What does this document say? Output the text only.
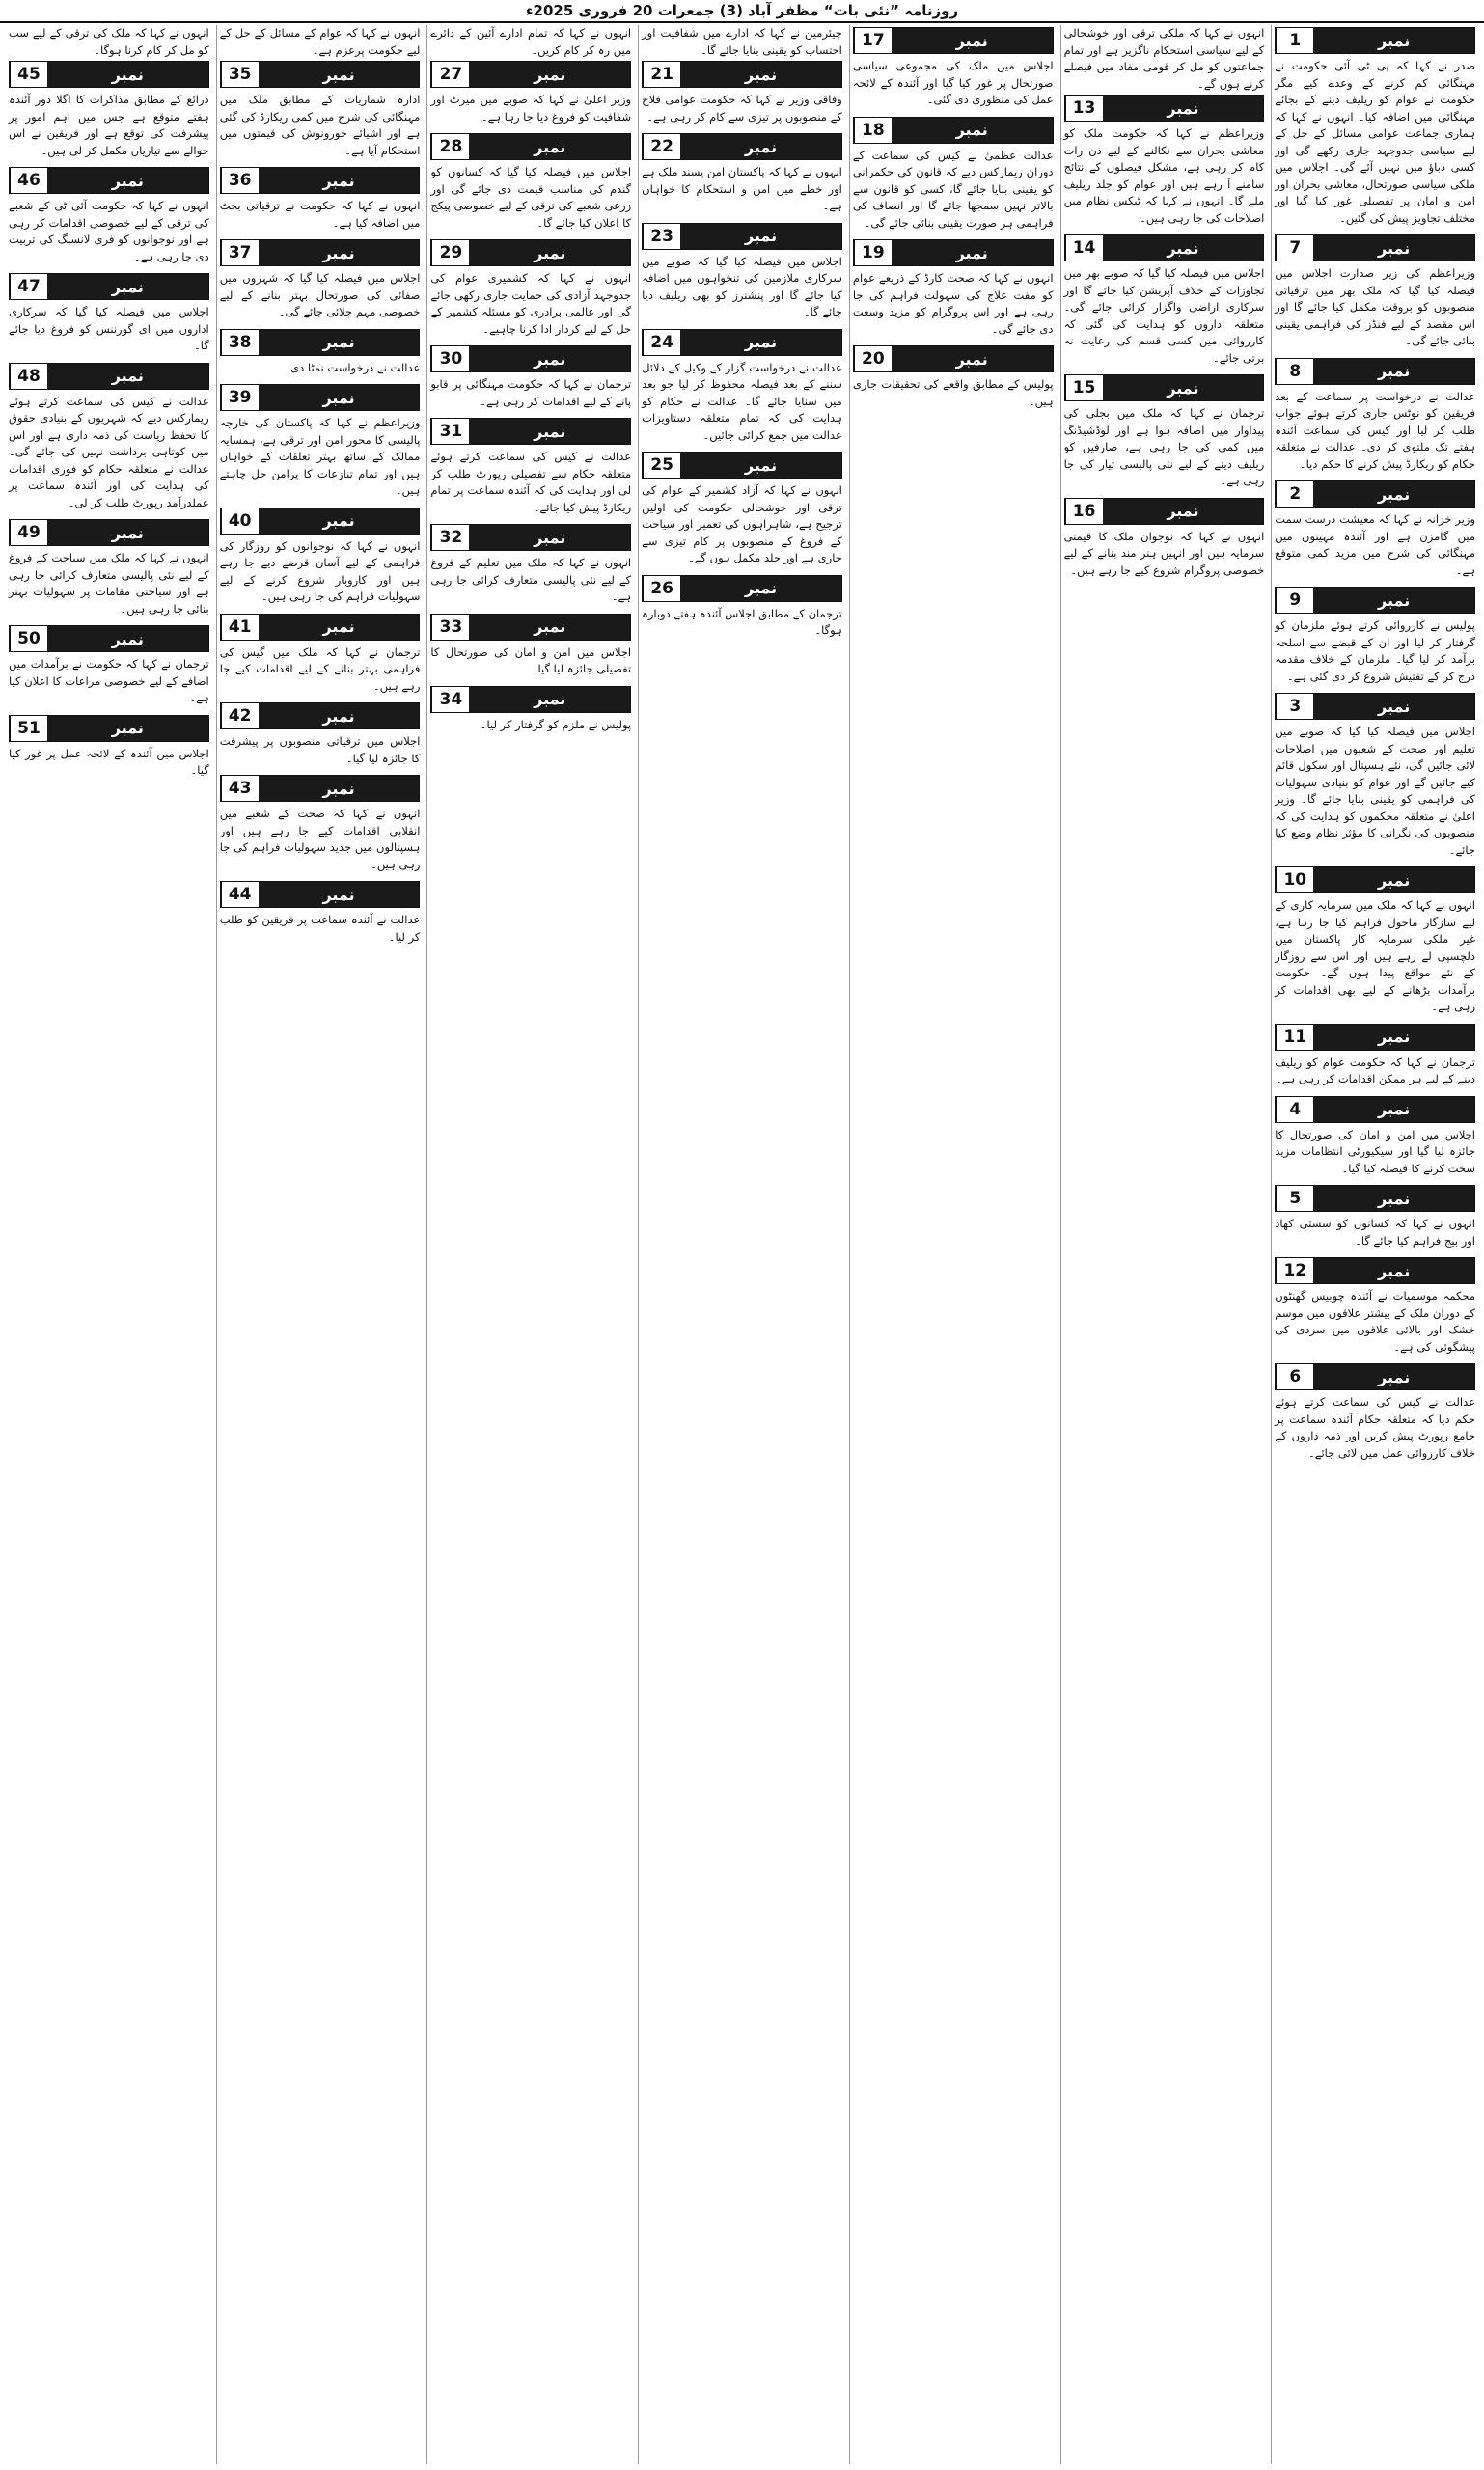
روزنامہ ”نئی بات“ مظفر آباد (3) جمعرات 20 فروری 2025ء
1	نمبر
صدر نے کہا کہ پی ٹی آئی حکومت نے مہنگائی کم کرنے کے وعدے کیے مگر حکومت نے عوام کو ریلیف دینے کے بجائے مہنگائی میں اضافہ کیا۔ انہوں نے کہا کہ ہماری جماعت عوامی مسائل کے حل کے لیے سیاسی جدوجہد جاری رکھے گی اور کسی دباؤ میں نہیں آئے گی۔ اجلاس میں ملکی سیاسی صورتحال، معاشی بحران اور امن و امان پر تفصیلی غور کیا گیا اور مختلف تجاویز پیش کی گئیں۔
7	نمبر
وزیراعظم کی زیر صدارت اجلاس میں فیصلہ کیا گیا کہ ملک بھر میں ترقیاتی منصوبوں کو بروقت مکمل کیا جائے گا اور اس مقصد کے لیے فنڈز کی فراہمی یقینی بنائی جائے گی۔
8	نمبر
عدالت نے درخواست پر سماعت کے بعد فریقین کو نوٹس جاری کرتے ہوئے جواب طلب کر لیا اور کیس کی سماعت آئندہ ہفتے تک ملتوی کر دی۔ عدالت نے متعلقہ حکام کو ریکارڈ پیش کرنے کا حکم دیا۔
2	نمبر
وزیر خزانہ نے کہا کہ معیشت درست سمت میں گامزن ہے اور آئندہ مہینوں میں مہنگائی کی شرح میں مزید کمی متوقع ہے۔
9	نمبر
پولیس نے کارروائی کرتے ہوئے ملزمان کو گرفتار کر لیا اور ان کے قبضے سے اسلحہ برآمد کر لیا گیا۔ ملزمان کے خلاف مقدمہ درج کر کے تفتیش شروع کر دی گئی ہے۔
3	نمبر
اجلاس میں فیصلہ کیا گیا کہ صوبے میں تعلیم اور صحت کے شعبوں میں اصلاحات لائی جائیں گی، نئے ہسپتال اور سکول قائم کیے جائیں گے اور عوام کو بنیادی سہولیات کی فراہمی کو یقینی بنایا جائے گا۔ وزیر اعلیٰ نے متعلقہ محکموں کو ہدایت کی کہ منصوبوں کی نگرانی کا مؤثر نظام وضع کیا جائے۔
10	نمبر
انہوں نے کہا کہ ملک میں سرمایہ کاری کے لیے سازگار ماحول فراہم کیا جا رہا ہے، غیر ملکی سرمایہ کار پاکستان میں دلچسپی لے رہے ہیں اور اس سے روزگار کے نئے مواقع پیدا ہوں گے۔ حکومت برآمدات بڑھانے کے لیے بھی اقدامات کر رہی ہے۔
11	نمبر
ترجمان نے کہا کہ حکومت عوام کو ریلیف دینے کے لیے ہر ممکن اقدامات کر رہی ہے۔
4	نمبر
اجلاس میں امن و امان کی صورتحال کا جائزہ لیا گیا اور سیکیورٹی انتظامات مزید سخت کرنے کا فیصلہ کیا گیا۔
5	نمبر
انہوں نے کہا کہ کسانوں کو سستی کھاد اور بیج فراہم کیا جائے گا۔
12	نمبر
محکمہ موسمیات نے آئندہ چوبیس گھنٹوں کے دوران ملک کے بیشتر علاقوں میں موسم خشک اور بالائی علاقوں میں سردی کی پیشگوئی کی ہے۔
6	نمبر
عدالت نے کیس کی سماعت کرتے ہوئے حکم دیا کہ متعلقہ حکام آئندہ سماعت پر جامع رپورٹ پیش کریں اور ذمہ داروں کے خلاف کارروائی عمل میں لائی جائے۔
انہوں نے کہا کہ ملکی ترقی اور خوشحالی کے لیے سیاسی استحکام ناگزیر ہے اور تمام جماعتوں کو مل کر قومی مفاد میں فیصلے کرنے ہوں گے۔
13	نمبر
وزیراعظم نے کہا کہ حکومت ملک کو معاشی بحران سے نکالنے کے لیے دن رات کام کر رہی ہے، مشکل فیصلوں کے نتائج سامنے آ رہے ہیں اور عوام کو جلد ریلیف ملے گا۔ انہوں نے کہا کہ ٹیکس نظام میں اصلاحات کی جا رہی ہیں۔
14	نمبر
اجلاس میں فیصلہ کیا گیا کہ صوبے بھر میں تجاوزات کے خلاف آپریشن کیا جائے گا اور سرکاری اراضی واگزار کرائی جائے گی۔ متعلقہ اداروں کو ہدایت کی گئی کہ کارروائی میں کسی قسم کی رعایت نہ برتی جائے۔
15	نمبر
ترجمان نے کہا کہ ملک میں بجلی کی پیداوار میں اضافہ ہوا ہے اور لوڈشیڈنگ میں کمی کی جا رہی ہے، صارفین کو ریلیف دینے کے لیے نئی پالیسی تیار کی جا رہی ہے۔
16	نمبر
انہوں نے کہا کہ نوجوان ملک کا قیمتی سرمایہ ہیں اور انہیں ہنر مند بنانے کے لیے خصوصی پروگرام شروع کیے جا رہے ہیں۔
17	نمبر
اجلاس میں ملک کی مجموعی سیاسی صورتحال پر غور کیا گیا اور آئندہ کے لائحہ عمل کی منظوری دی گئی۔
18	نمبر
عدالت عظمیٰ نے کیس کی سماعت کے دوران ریمارکس دیے کہ قانون کی حکمرانی کو یقینی بنایا جائے گا، کسی کو قانون سے بالاتر نہیں سمجھا جائے گا اور انصاف کی فراہمی ہر صورت یقینی بنائی جائے گی۔
19	نمبر
انہوں نے کہا کہ صحت کارڈ کے ذریعے عوام کو مفت علاج کی سہولت فراہم کی جا رہی ہے اور اس پروگرام کو مزید وسعت دی جائے گی۔
20	نمبر
پولیس کے مطابق واقعے کی تحقیقات جاری ہیں۔
چیئرمین نے کہا کہ ادارے میں شفافیت اور احتساب کو یقینی بنایا جائے گا۔
21	نمبر
وفاقی وزیر نے کہا کہ حکومت عوامی فلاح کے منصوبوں پر تیزی سے کام کر رہی ہے۔
22	نمبر
انہوں نے کہا کہ پاکستان امن پسند ملک ہے اور خطے میں امن و استحکام کا خواہاں ہے۔
23	نمبر
اجلاس میں فیصلہ کیا گیا کہ صوبے میں سرکاری ملازمین کی تنخواہوں میں اضافہ کیا جائے گا اور پنشنرز کو بھی ریلیف دیا جائے گا۔
24	نمبر
عدالت نے درخواست گزار کے وکیل کے دلائل سننے کے بعد فیصلہ محفوظ کر لیا جو بعد میں سنایا جائے گا۔ عدالت نے حکام کو ہدایت کی کہ تمام متعلقہ دستاویزات عدالت میں جمع کرائی جائیں۔
25	نمبر
انہوں نے کہا کہ آزاد کشمیر کے عوام کی ترقی اور خوشحالی حکومت کی اولین ترجیح ہے، شاہراہوں کی تعمیر اور سیاحت کے فروغ کے منصوبوں پر کام تیزی سے جاری ہے اور جلد مکمل ہوں گے۔
26	نمبر
ترجمان کے مطابق اجلاس آئندہ ہفتے دوبارہ ہوگا۔
انہوں نے کہا کہ تمام ادارے آئین کے دائرے میں رہ کر کام کریں۔
27	نمبر
وزیر اعلیٰ نے کہا کہ صوبے میں میرٹ اور شفافیت کو فروغ دیا جا رہا ہے۔
28	نمبر
اجلاس میں فیصلہ کیا گیا کہ کسانوں کو گندم کی مناسب قیمت دی جائے گی اور زرعی شعبے کی ترقی کے لیے خصوصی پیکج کا اعلان کیا جائے گا۔
29	نمبر
انہوں نے کہا کہ کشمیری عوام کی جدوجہد آزادی کی حمایت جاری رکھی جائے گی اور عالمی برادری کو مسئلہ کشمیر کے حل کے لیے کردار ادا کرنا چاہیے۔
30	نمبر
ترجمان نے کہا کہ حکومت مہنگائی پر قابو پانے کے لیے اقدامات کر رہی ہے۔
31	نمبر
عدالت نے کیس کی سماعت کرتے ہوئے متعلقہ حکام سے تفصیلی رپورٹ طلب کر لی اور ہدایت کی کہ آئندہ سماعت پر تمام ریکارڈ پیش کیا جائے۔
32	نمبر
انہوں نے کہا کہ ملک میں تعلیم کے فروغ کے لیے نئی پالیسی متعارف کرائی جا رہی ہے۔
33	نمبر
اجلاس میں امن و امان کی صورتحال کا تفصیلی جائزہ لیا گیا۔
34	نمبر
پولیس نے ملزم کو گرفتار کر لیا۔
انہوں نے کہا کہ عوام کے مسائل کے حل کے لیے حکومت پرعزم ہے۔
35	نمبر
ادارہ شماریات کے مطابق ملک میں مہنگائی کی شرح میں کمی ریکارڈ کی گئی ہے اور اشیائے خورونوش کی قیمتوں میں استحکام آیا ہے۔
36	نمبر
انہوں نے کہا کہ حکومت نے ترقیاتی بجٹ میں اضافہ کیا ہے۔
37	نمبر
اجلاس میں فیصلہ کیا گیا کہ شہروں میں صفائی کی صورتحال بہتر بنانے کے لیے خصوصی مہم چلائی جائے گی۔
38	نمبر
عدالت نے درخواست نمٹا دی۔
39	نمبر
وزیراعظم نے کہا کہ پاکستان کی خارجہ پالیسی کا محور امن اور ترقی ہے، ہمسایہ ممالک کے ساتھ بہتر تعلقات کے خواہاں ہیں اور تمام تنازعات کا پرامن حل چاہتے ہیں۔
40	نمبر
انہوں نے کہا کہ نوجوانوں کو روزگار کی فراہمی کے لیے آسان قرضے دیے جا رہے ہیں اور کاروبار شروع کرنے کے لیے سہولیات فراہم کی جا رہی ہیں۔
41	نمبر
ترجمان نے کہا کہ ملک میں گیس کی فراہمی بہتر بنانے کے لیے اقدامات کیے جا رہے ہیں۔
42	نمبر
اجلاس میں ترقیاتی منصوبوں پر پیشرفت کا جائزہ لیا گیا۔
43	نمبر
انہوں نے کہا کہ صحت کے شعبے میں انقلابی اقدامات کیے جا رہے ہیں اور ہسپتالوں میں جدید سہولیات فراہم کی جا رہی ہیں۔
44	نمبر
عدالت نے آئندہ سماعت پر فریقین کو طلب کر لیا۔
انہوں نے کہا کہ ملک کی ترقی کے لیے سب کو مل کر کام کرنا ہوگا۔
45	نمبر
ذرائع کے مطابق مذاکرات کا اگلا دور آئندہ ہفتے متوقع ہے جس میں اہم امور پر پیشرفت کی توقع ہے اور فریقین نے اس حوالے سے تیاریاں مکمل کر لی ہیں۔
46	نمبر
انہوں نے کہا کہ حکومت آئی ٹی کے شعبے کی ترقی کے لیے خصوصی اقدامات کر رہی ہے اور نوجوانوں کو فری لانسنگ کی تربیت دی جا رہی ہے۔
47	نمبر
اجلاس میں فیصلہ کیا گیا کہ سرکاری اداروں میں ای گورننس کو فروغ دیا جائے گا۔
48	نمبر
عدالت نے کیس کی سماعت کرتے ہوئے ریمارکس دیے کہ شہریوں کے بنیادی حقوق کا تحفظ ریاست کی ذمہ داری ہے اور اس میں کوتاہی برداشت نہیں کی جائے گی۔ عدالت نے متعلقہ حکام کو فوری اقدامات کی ہدایت کی اور آئندہ سماعت پر عملدرآمد رپورٹ طلب کر لی۔
49	نمبر
انہوں نے کہا کہ ملک میں سیاحت کے فروغ کے لیے نئی پالیسی متعارف کرائی جا رہی ہے اور سیاحتی مقامات پر سہولیات بہتر بنائی جا رہی ہیں۔
50	نمبر
ترجمان نے کہا کہ حکومت نے برآمدات میں اضافے کے لیے خصوصی مراعات کا اعلان کیا ہے۔
51	نمبر
اجلاس میں آئندہ کے لائحہ عمل پر غور کیا گیا۔
